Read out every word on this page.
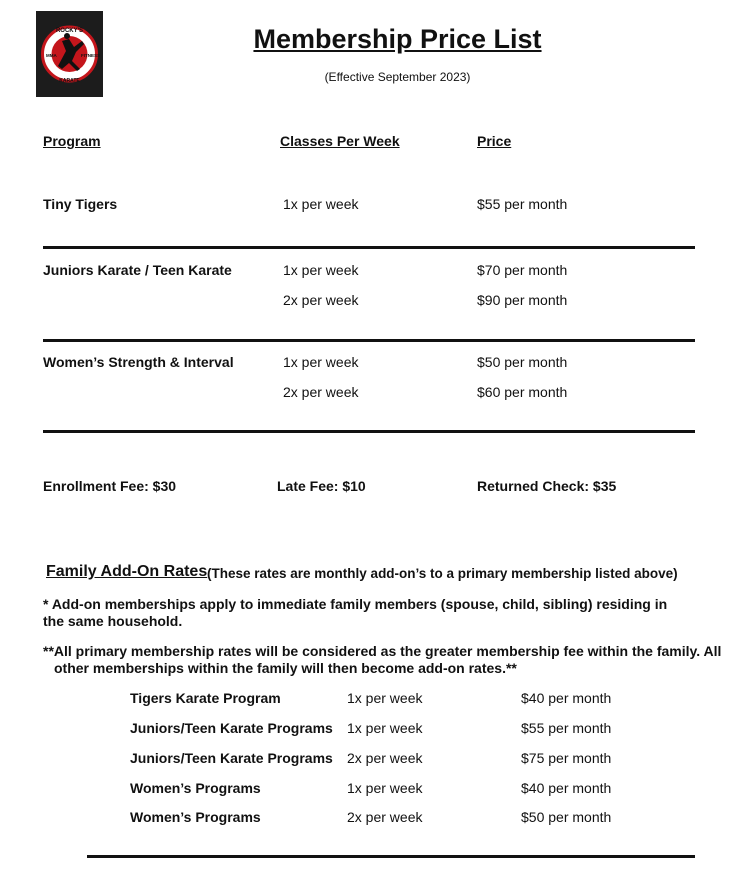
ROCKY'S
KARATE
MMA	FITNESS
Membership Price List
(Effective September 2023)
Program	Classes Per Week	Price
Tiny Tigers	1x per week	$55 per month
Juniors Karate / Teen Karate	1x per week	$70 per month
2x per week	$90 per month
Women’s Strength & Interval	1x per week	$50 per month
2x per week	$60 per month
Enrollment Fee: $30	Late Fee: $10	Returned Check: $35
Family Add-On Rates (These rates are monthly add-on’s to a primary membership listed above)
* Add-on memberships apply to immediate family members (spouse, child, sibling) residing in the same household.
**All primary membership rates will be considered as the greater membership fee within the family. All
other memberships within the family will then become add-on rates.**
Tigers Karate Program	1x per week	$40 per month
Juniors/Teen Karate Programs 1x per week	$55 per month
Juniors/Teen Karate Programs 2x per week	$75 per month
Women’s Programs	1x per week	$40 per month
Women’s Programs	2x per week	$50 per month
